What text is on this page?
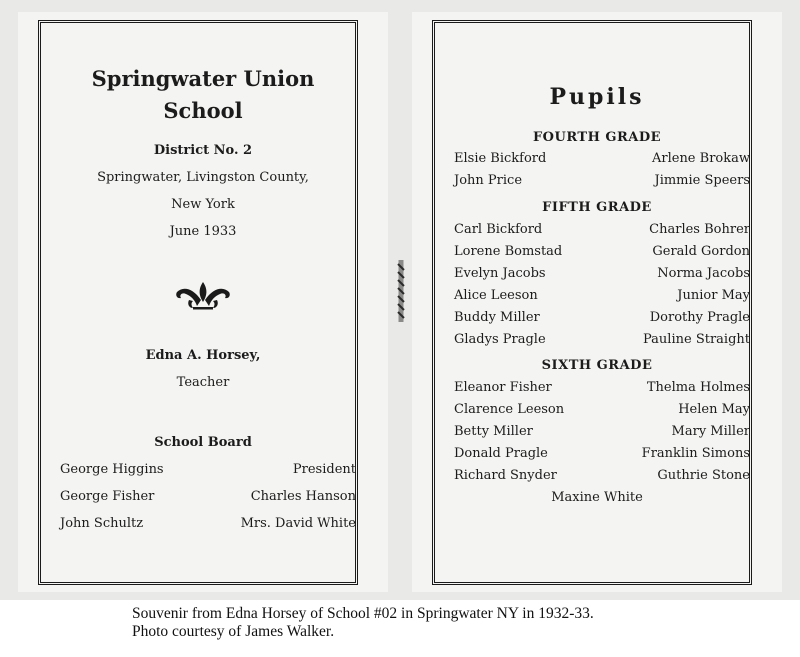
Springwater Union
School
District No. 2
Springwater, Livingston County,
New York
June 1933
Edna A. Horsey,
Teacher
School Board
George Higgins	President
George Fisher	Charles Hanson
John Schultz	Mrs. David White
Pupils
FOURTH GRADE
Elsie Bickford	Arlene Brokaw
John Price	Jimmie Speers
FIFTH GRADE
Carl Bickford	Charles Bohrer
Lorene Bomstad	Gerald Gordon
Evelyn Jacobs	Norma Jacobs
Alice Leeson	Junior May
Buddy Miller	Dorothy Pragle
Gladys Pragle	Pauline Straight
SIXTH GRADE
Eleanor Fisher	Thelma Holmes
Clarence Leeson	Helen May
Betty Miller	Mary Miller
Donald Pragle	Franklin Simons
Richard Snyder	Guthrie Stone
Maxine White
Souvenir from Edna Horsey of School #02 in Springwater NY in 1932-33.
Photo courtesy of James Walker.
